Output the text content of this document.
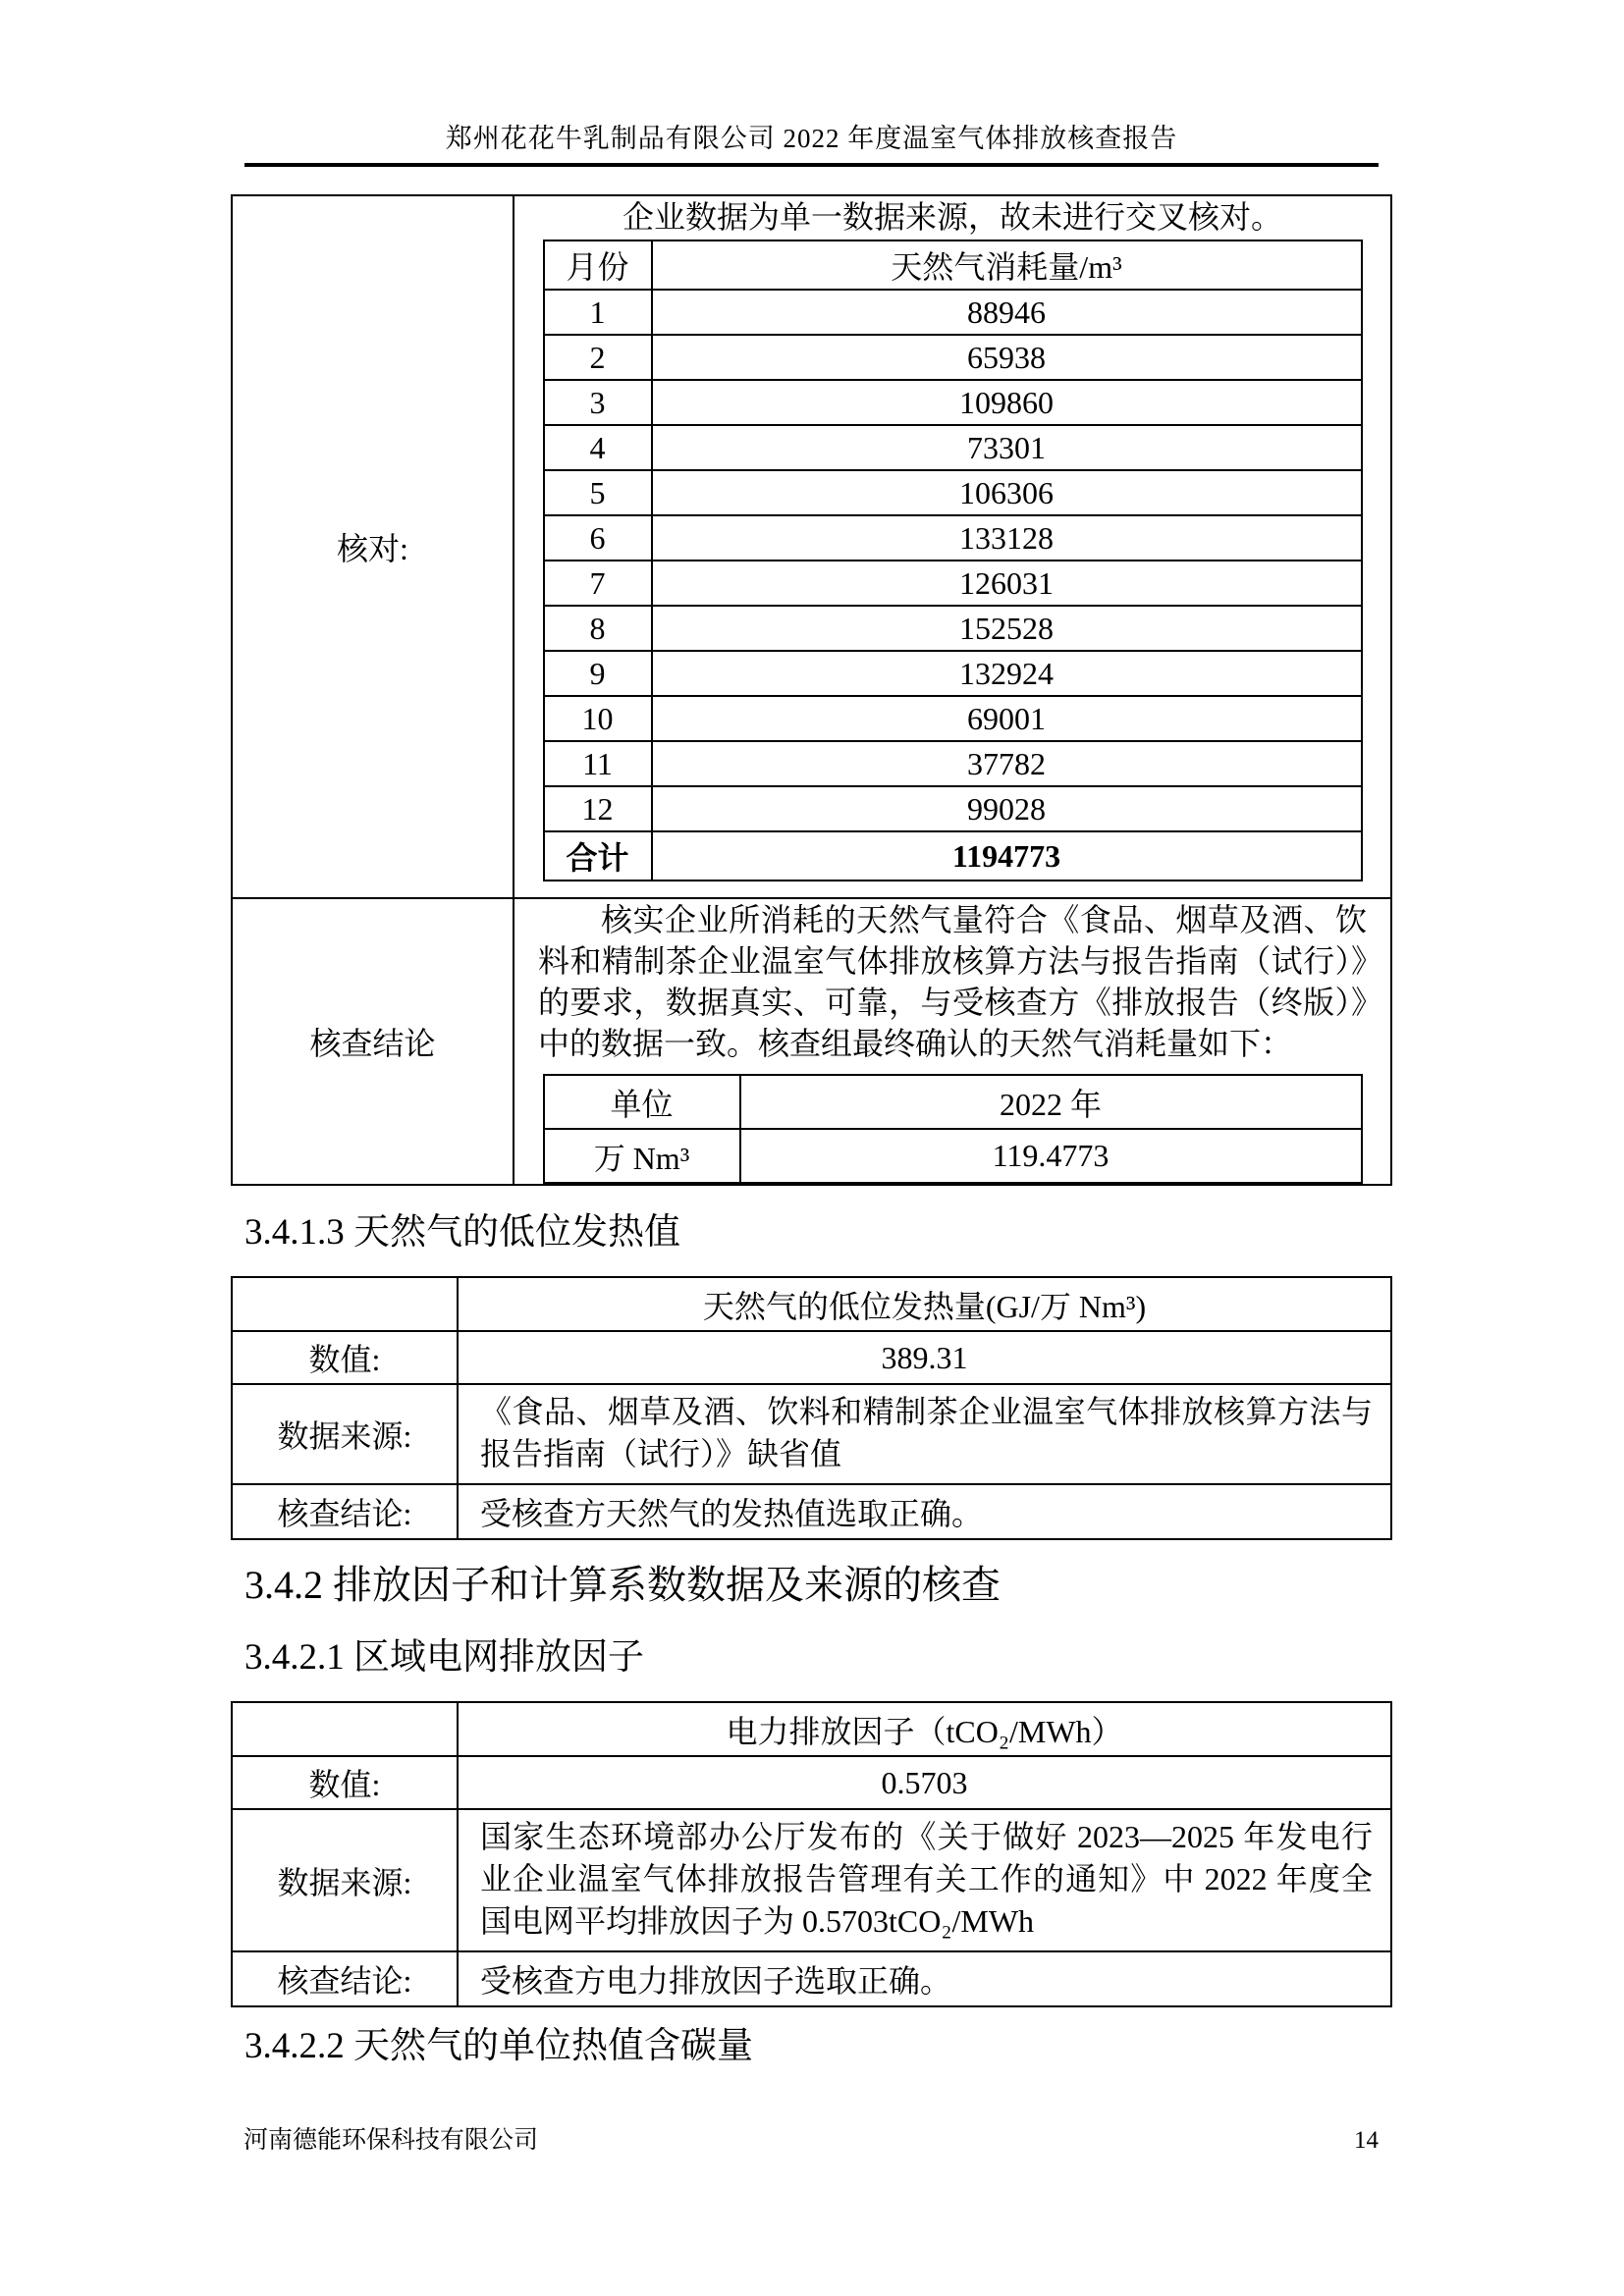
郑州花花牛乳制品有限公司 2022 年度温室气体排放核查报告
核对:	
企业数据为单一数据来源，故未进行交叉核对。
月份	天然气消耗量/m³
1	88946
2	65938
3	109860
4	73301
5	106306
6	133128
7	126031
8	152528
9	132924
10	69001
11	37782
12	99028
合计	1194773

核查结论	

核实企业所消耗的天然气量符合《食品、烟草及酒、饮料和精制茶企业温室气体排放核算方法与报告指南（试行）》的要求，数据真实、可靠，与受核查方《排放报告（终版）》中的数据一致。核查组最终确认的天然气消耗量如下：

单位	2022 年
万 Nm³	119.4773
3.4.1.3 天然气的低位发热值
	天然气的低位发热量(GJ/万 Nm³)
数值:	389.31
数据来源:	《食品、烟草及酒、饮料和精制茶企业温室气体排放核算方法与报告指南（试行）》缺省值
核查结论:	受核查方天然气的发热值选取正确。
3.4.2 排放因子和计算系数数据及来源的核查
3.4.2.1 区域电网排放因子
	电力排放因子（tCO₂/MWh）
数值:	0.5703
数据来源:	国家生态环境部办公厅发布的《关于做好 2023—2025 年发电行业企业温室气体排放报告管理有关工作的通知》中 2022 年度全国电网平均排放因子为 0.5703tCO₂/MWh
核查结论:	受核查方电力排放因子选取正确。
3.4.2.2 天然气的单位热值含碳量
河南德能环保科技有限公司	14
